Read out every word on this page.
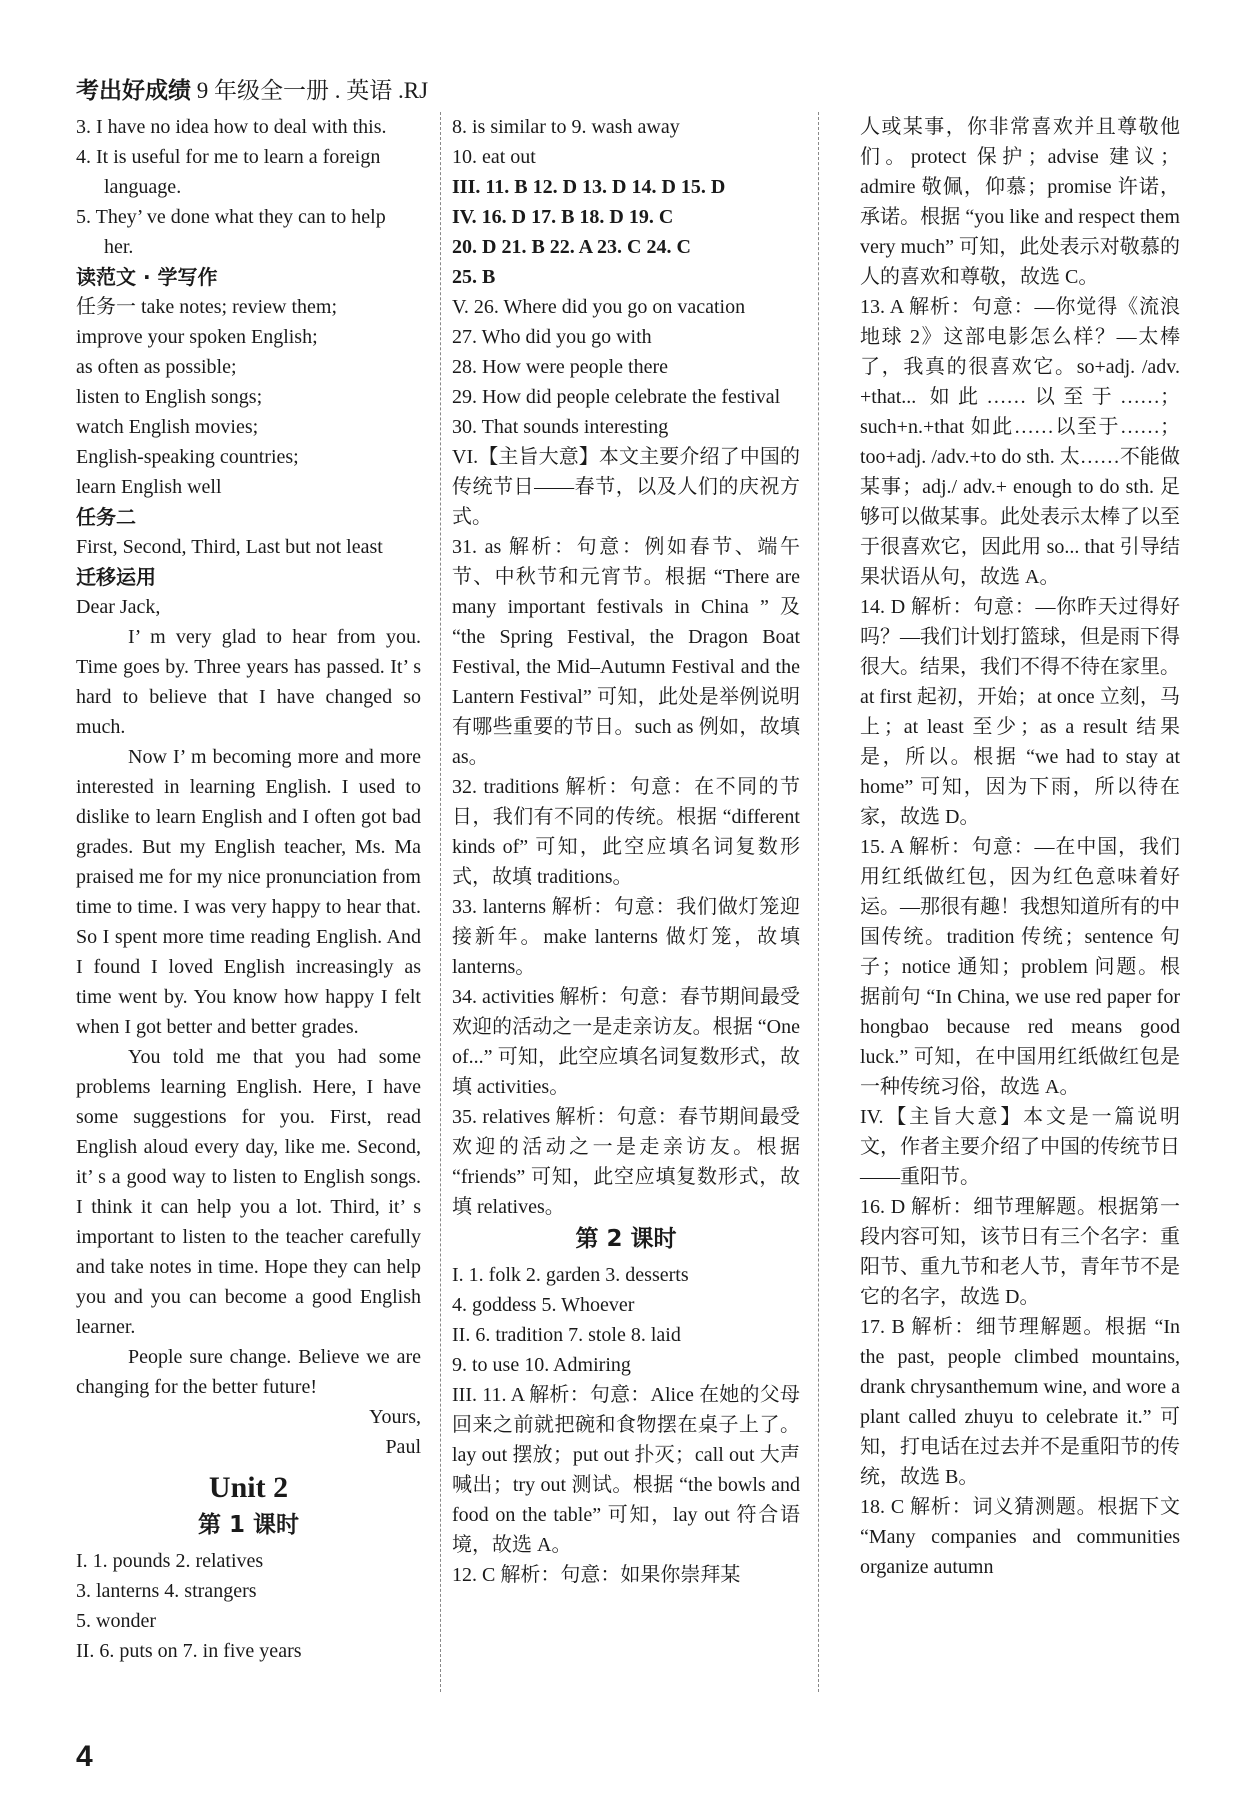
考出好成绩 9 年级全一册 . 英语 .RJ
3. I have no idea how to deal with this.
4. It is useful for me to learn a foreign
language.
5. They’ ve done what they can to help
her.
读范文 · 学写作
任务一 take notes; review them;
improve your spoken English;
as often as possible;
listen to English songs;
watch English movies;
English-speaking countries;
learn English well
任务二
First, Second, Third, Last but not least
迁移运用
Dear Jack,
I’ m very glad to hear from you. Time goes by. Three years has passed. It’ s hard to believe that I have changed so much.
Now I’ m becoming more and more interested in learning English. I used to dislike to learn English and I often got bad grades. But my English teacher, Ms. Ma praised me for my nice pronunciation from time to time. I was very happy to hear that. So I spent more time reading English. And I found I loved English increasingly as time went by. You know how happy I felt when I got better and better grades.
You told me that you had some problems learning English. Here, I have some suggestions for you. First, read English aloud every day, like me. Second, it’ s a good way to listen to English songs. I think it can help you a lot. Third, it’ s important to listen to the teacher carefully and take notes in time. Hope they can help you and you can become a good English learner.
People sure change. Believe we are changing for the better future!
Yours,
Paul
Unit 2
第 1 课时
I. 1. pounds 2. relatives
3. lanterns 4. strangers
5. wonder
II. 6. puts on 7. in five years
8. is similar to 9. wash away
10. eat out
III. 11. B 12. D 13. D 14. D 15. D
IV. 16. D 17. B 18. D 19. C
20. D 21. B 22. A 23. C 24. C
25. B
V. 26. Where did you go on vacation
27. Who did you go with
28. How were people there
29. How did people celebrate the festival
30. That sounds interesting
VI.【主旨大意】本文主要介绍了中国的传统节日——春节，以及人们的庆祝方式。
31. as 解析：句意：例如春节、端午节、中秋节和元宵节。根据 “There are many important festivals in China ” 及 “the Spring Festival, the Dragon Boat Festival, the Mid–Autumn Festival and the Lantern Festival” 可知，此处是举例说明有哪些重要的节日。such as 例如，故填 as。
32. traditions 解析：句意：在不同的节日，我们有不同的传统。根据 “different kinds of” 可知，此空应填名词复数形式，故填 traditions。
33. lanterns 解析：句意：我们做灯笼迎接新年。make lanterns 做灯笼，故填 lanterns。
34. activities 解析：句意：春节期间最受欢迎的活动之一是走亲访友。根据 “One of...” 可知，此空应填名词复数形式，故填 activities。
35. relatives 解析：句意：春节期间最受欢迎的活动之一是走亲访友。根据 “friends” 可知，此空应填复数形式，故填 relatives。
第 2 课时
I. 1. folk 2. garden 3. desserts
4. goddess 5. Whoever
II. 6. tradition 7. stole 8. laid
9. to use 10. Admiring
III. 11. A 解析：句意：Alice 在她的父母回来之前就把碗和食物摆在桌子上了。lay out 摆放；put out 扑灭；call out 大声喊出；try out 测试。根据 “the bowls and food on the table” 可知，lay out 符合语境，故选 A。
12. C 解析：句意：如果你崇拜某
人或某事，你非常喜欢并且尊敬他们。protect 保护；advise 建议；admire 敬佩，仰慕；promise 许诺，承诺。根据 “you like and respect them very much” 可知，此处表示对敬慕的人的喜欢和尊敬，故选 C。
13. A 解析：句意：—你觉得《流浪地球 2》这部电影怎么样？—太棒了，我真的很喜欢它。so+adj. /adv. +that... 如此……以至于……；such+n.+that 如此……以至于……；too+adj. /adv.+to do sth. 太……不能做某事；adj./ adv.+ enough to do sth. 足够可以做某事。此处表示太棒了以至于很喜欢它，因此用 so... that 引导结果状语从句，故选 A。
14. D 解析：句意：—你昨天过得好吗？—我们计划打篮球，但是雨下得很大。结果，我们不得不待在家里。at first 起初，开始；at once 立刻，马上；at least 至少；as a result 结果是，所以。根据 “we had to stay at home” 可知，因为下雨，所以待在家，故选 D。
15. A 解析：句意：—在中国，我们用红纸做红包，因为红色意味着好运。—那很有趣！我想知道所有的中国传统。tradition 传统；sentence 句子；notice 通知；problem 问题。根据前句 “In China, we use red paper for hongbao because red means good luck.” 可知，在中国用红纸做红包是一种传统习俗，故选 A。
IV.【主旨大意】本文是一篇说明文，作者主要介绍了中国的传统节日——重阳节。
16. D 解析：细节理解题。根据第一段内容可知，该节日有三个名字：重阳节、重九节和老人节，青年节不是它的名字，故选 D。
17. B 解析：细节理解题。根据 “In the past, people climbed mountains, drank chrysanthemum wine, and wore a plant called zhuyu to celebrate it.” 可知，打电话在过去并不是重阳节的传统，故选 B。
18. C 解析：词义猜测题。根据下文 “Many companies and communities organize autumn
4
